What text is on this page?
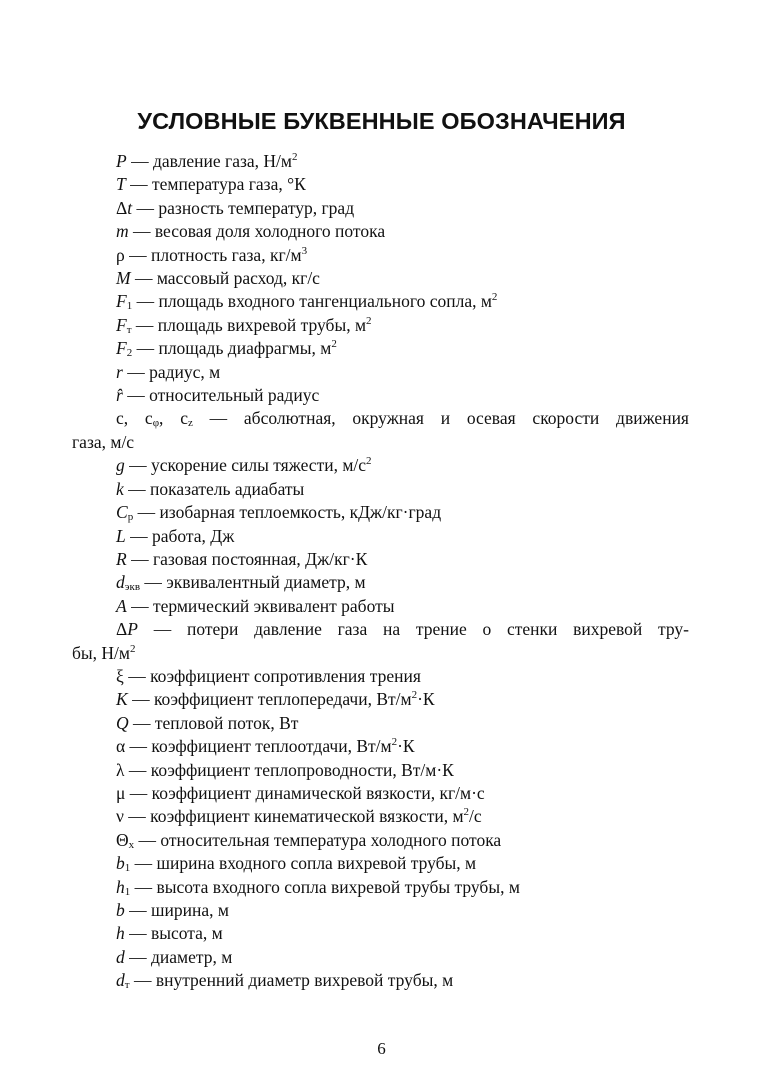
УСЛОВНЫЕ БУКВЕННЫЕ ОБОЗНАЧЕНИЯ

P — давление газа, $Н/м^2$

T — температура газа, °К

Δt — разность температур, град

m — весовая доля холодного потока

ρ — плотность газа, $кг/м^3$

M — массовый расход, кг/с

$F_1$ — площадь входного тангенциального сопла, $м^2$

$F_т$ — площадь вихревой трубы, $м^2$

$F_2$ — площадь диафрагмы, $м^2$

r — радиус, м

r̂ — относительный радиус

c, $c_\varphi$, $c_z$ — абсолютная, окружная и осевая скорости движения
газа, м/с

g — ускорение силы тяжести, $м/с^2$

k — показатель адиабаты

$C_p$ — изобарная теплоемкость, кДж/кг·град

L — работа, Дж

R — газовая постоянная, Дж/кг·К

$d_{экв}$ — эквивалентный диаметр, м

A — термический эквивалент работы

ΔP — потери давление газа на трение о стенки вихревой тру-
бы, $Н/м^2$

ξ — коэффициент сопротивления трения

K — коэффициент теплопередачи, $Вт/м^2\cdot К$

Q — тепловой поток, Вт

α — коэффициент теплоотдачи, $Вт/м^2\cdot К$

λ — коэффициент теплопроводности, Вт/м·К

μ — коэффициент динамической вязкости, кг/м·с

ν — коэффициент кинематической вязкости, $м^2/с$

$\Theta_х$ — относительная температура холодного потока

$b_1$ — ширина входного сопла вихревой трубы, м

$h_1$ — высота входного сопла вихревой трубы трубы, м

b — ширина, м

h — высота, м

d — диаметр, м

$d_т$ — внутренний диаметр вихревой трубы, м

6
